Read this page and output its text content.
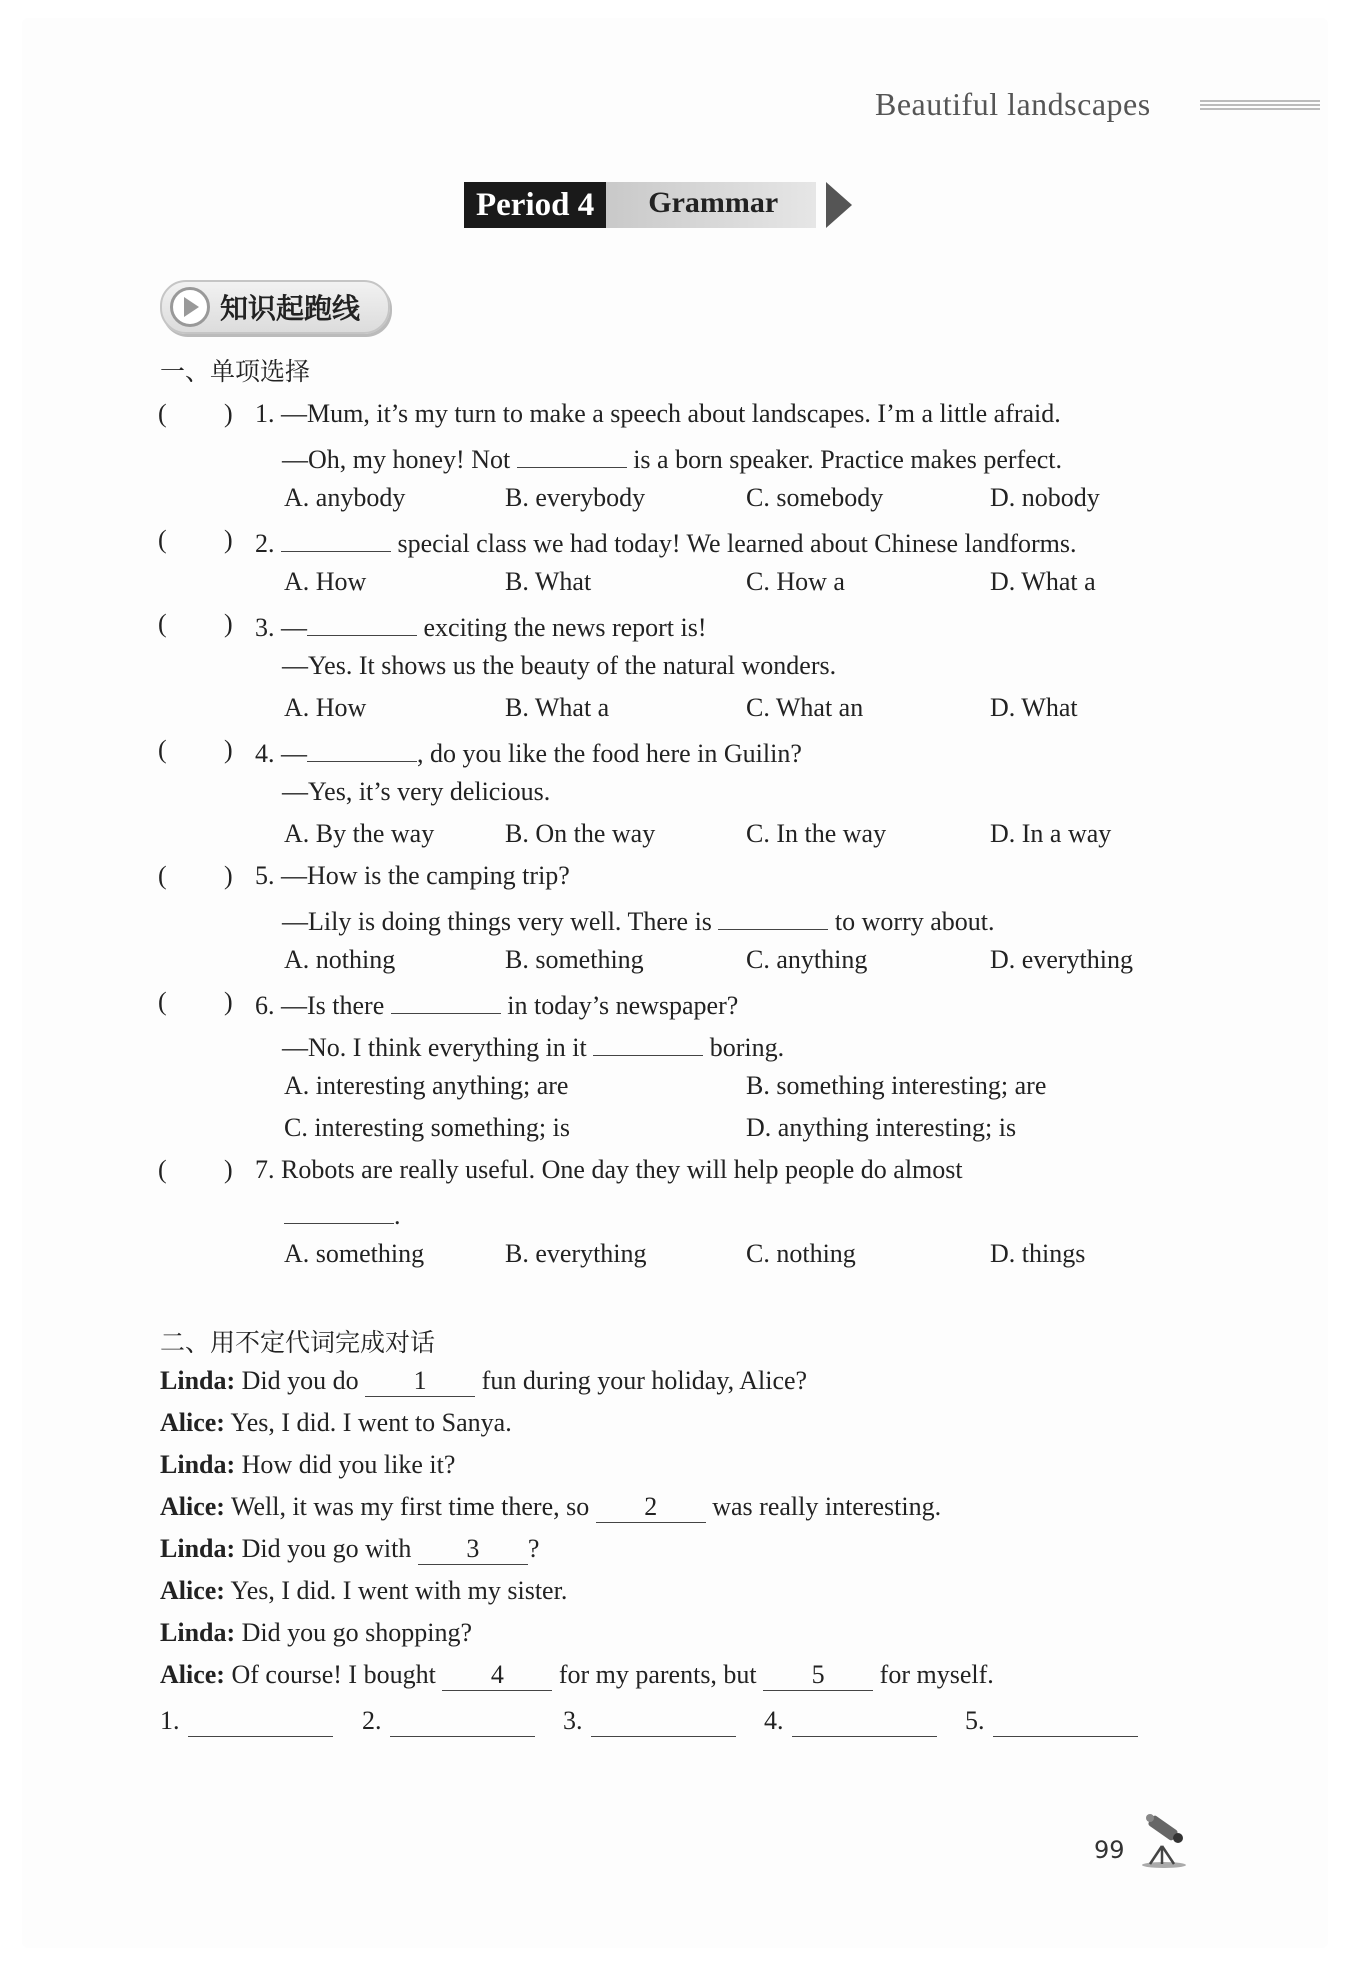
Beautiful landscapes
Period 4	Grammar
知识起跑线
一、单项选择
( )
( )
( )
( )
( )
( )
( )
1. —Mum, it’s my turn to make a speech about landscapes. I’m a little afraid.
—Oh, my honey! Not	is a born speaker. Practice makes perfect.
A. anybody	B. everybody	C. somebody	D. nobody
2.	special class we had today! We learned about Chinese landforms.
A. How	B. What	C. How a	D. What a
3. —	exciting the news report is!
—Yes. It shows us the beauty of the natural wonders.
A. How	B. What a	C. What an	D. What
4. —	, do you like the food here in Guilin?
—Yes, it’s very delicious.
A. By the way	B. On the way	C. In the way	D. In a way
5. —How is the camping trip?
—Lily is doing things very well. There is	to worry about.
A. nothing	B. something	C. anything	D. everything
6. —Is there	in today’s newspaper?
—No. I think everything in it	boring.
A. interesting anything; are	B. something interesting; are
C. interesting something; is	D. anything interesting; is
7. Robots are really useful. One day they will help people do almost
.
A. something	B. everything	C. nothing	D. things
二、用不定代词完成对话
Linda: Did you do 1 fun during your holiday, Alice?
Alice: Yes, I did. I went to Sanya.
Linda: How did you like it?
Alice: Well, it was my first time there, so 2 was really interesting.
Linda: Did you go with 3 ?
Alice: Yes, I did. I went with my sister.
Linda: Did you go shopping?
Alice: Of course! I bought 4 for my parents, but 5 for myself.
1.	2.	3.	4.	5.
99
